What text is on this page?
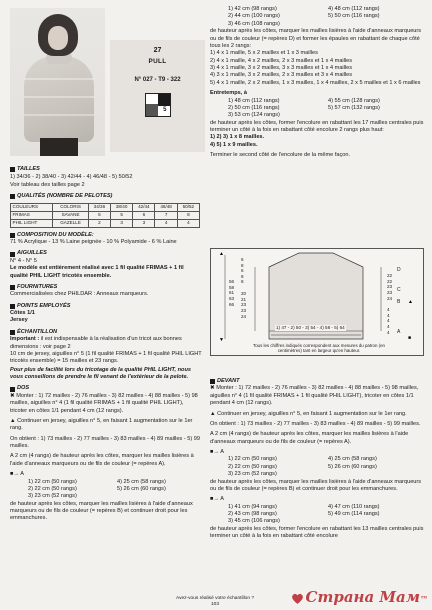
27
PULL
N° 027 - T9 - 322
5
TAILLES
1) 34/36 - 2) 38/40 - 3) 42/44 - 4) 46/48 - 5) 50/52
Voir tableau des tailles page 2
QUALITÉS (NOMBRE DE PELOTES)
COULEURS	COLORIS	34/36	38/40	42/44	46/48	50/52
FRIMAS	SAVANE	5	5	6	7	8
PHIL LIGHT	GAZELLE	2	3	3	4	4
COMPOSITION DU MODÈLE:
71 % Acrylique - 13 % Laine peignée - 10 % Polyamide - 6 % Laine
AIGUILLES
N° 4 - N° 5
Le modèle est entièrement réalisé avec 1 fil qualité FRIMAS + 1 fil qualité PHIL LIGHT tricotés ensemble.
FOURNITURES
Commercialisées chez PHILDAR : Anneaux marqueurs.
POINTS EMPLOYÉS
Côtes 1/1
Jersey
ÉCHANTILLON
Important : il est indispensable à la réalisation d'un tricot aux bonnes dimensions : voir page 2
10 cm de jersey, aiguilles n° 5 (1 fil qualité FRIMAS + 1 fil qualité PHIL LIGHT tricotés ensemble) = 15 mailles et 23 rangs.
Pour plus de facilité lors du tricotage de la qualité PHIL LIGHT, nous vous conseillons de prendre le fil venant de l'extérieur de la pelote.
DOS
✖ Monter : 1) 72 mailles - 2) 76 mailles - 3) 82 mailles - 4) 88 mailles - 5) 98 mailles, aiguilles n° 4 (1 fil qualité FRIMAS + 1 fil qualité PHIL LIGHT), tricoter en côtes 1/1 pendant 4 cm (12 rangs).
▲ Continuer en jersey, aiguilles n° 5, en faisant 1 augmentation sur le 1er rang.
On obtient : 1) 73 mailles - 2) 77 mailles - 3) 83 mailles - 4) 89 mailles - 5) 99 mailles.
A 2 cm (4 rangs) de hauteur après les côtes, marquer les mailles lisières à l'aide d'anneaux marqueurs ou de fils de couleur (= repères A).
■→ A
1) 22 cm (50 rangs)
2) 22 cm (50 rangs)
3) 23 cm (52 rangs)
4) 25 cm (58 rangs)
5) 26 cm (60 rangs)
de hauteur après les côtes, marquer les mailles lisières à l'aide d'anneaux marqueurs ou de fils de couleur (= repères B) et continuer droit pour les emmanchures.
1) 42 cm (98 rangs)
2) 44 cm (100 rangs)
3) 46 cm (108 rangs)
4) 48 cm (112 rangs)
5) 50 cm (116 rangs)
de hauteur après les côtes, marquer les mailles lisières à l'aide d'anneaux marqueurs ou de fils de couleur (= repères D) et former les épaules en rabattant de chaque côté tous les 2 rangs:
1) 4 x 1 maille, 5 x 2 mailles et 1 x 3 mailles
2) 4 x 1 maille, 4 x 2 mailles, 2 x 3 mailles et 1 x 4 mailles
3) 4 x 1 maille, 3 x 2 mailles, 3 x 3 mailles et 1 x 4 mailles
4) 3 x 1 maille, 3 x 2 mailles, 2 x 3 mailles et 3 x 4 mailles
5) 4 x 1 maille, 2 x 2 mailles, 1 x 3 mailles, 1 x 4 mailles, 2 x 5 mailles et 1 x 6 mailles
Entretemps, à
1) 48 cm (112 rangs)
2) 50 cm (116 rangs)
3) 53 cm (124 rangs)
4) 55 cm (128 rangs)
5) 57 cm (132 rangs)
de hauteur après les côtes, former l'encolure en rabattant les 17 mailles centrales puis terminer un côté à la fois en rabattant côté encolure 2 rangs plus haut:
1) 2) 3) 1 x 8 mailles.
4) 5) 1 x 9 mailles.
Terminer le second côté de l'encolure de la même façon.
▲
▼
▲
■
56
58
61
63
66
6
8
6
8
8
20
21
23
23
24
22
22
23
23
24
4
4
4
4
4
D
C
B
A
1) 47 - 2) 50 - 3) 54 - 4) 58 - 5) 64
Tous les chiffres indiqués correspondent aux mesures du patron (en centimètres) tant en largeur qu'en hauteur.
DEVANT
✖ Monter : 1) 72 mailles - 2) 76 mailles - 3) 82 mailles - 4) 88 mailles - 5) 98 mailles, aiguilles n° 4 (1 fil qualité FRIMAS + 1 fil qualité PHIL LIGHT), tricoter en côtes 1/1 pendant 4 cm (12 rangs).
▲ Continuer en jersey, aiguilles n° 5, en faisant 1 augmentation sur le 1er rang.
On obtient : 1) 73 mailles - 2) 77 mailles - 3) 83 mailles - 4) 89 mailles - 5) 99 mailles.
A 2 cm (4 rangs) de hauteur après les côtes, marquer les mailles lisières à l'aide d'anneaux marqueurs ou de fils de couleur (= repères A).
■→ A
1) 22 cm (50 rangs)
2) 22 cm (50 rangs)
3) 23 cm (52 rangs)
4) 25 cm (58 rangs)
5) 26 cm (60 rangs)
de hauteur après les côtes, marquer les mailles lisières à l'aide d'anneaux marqueurs ou de fils de couleur (= repères B) et continuer droit pour les emmanchures.
■→ A
1) 41 cm (94 rangs)
2) 43 cm (98 rangs)
3) 45 cm (106 rangs)
4) 47 cm (110 rangs)
5) 49 cm (114 rangs)
de hauteur après les côtes, former l'encolure en rabattant les 13 mailles centrales puis terminer un côté à la fois en rabattant côté encolure
Avez-vous réalisé votre échantillon ?
103	Страна Мам™
